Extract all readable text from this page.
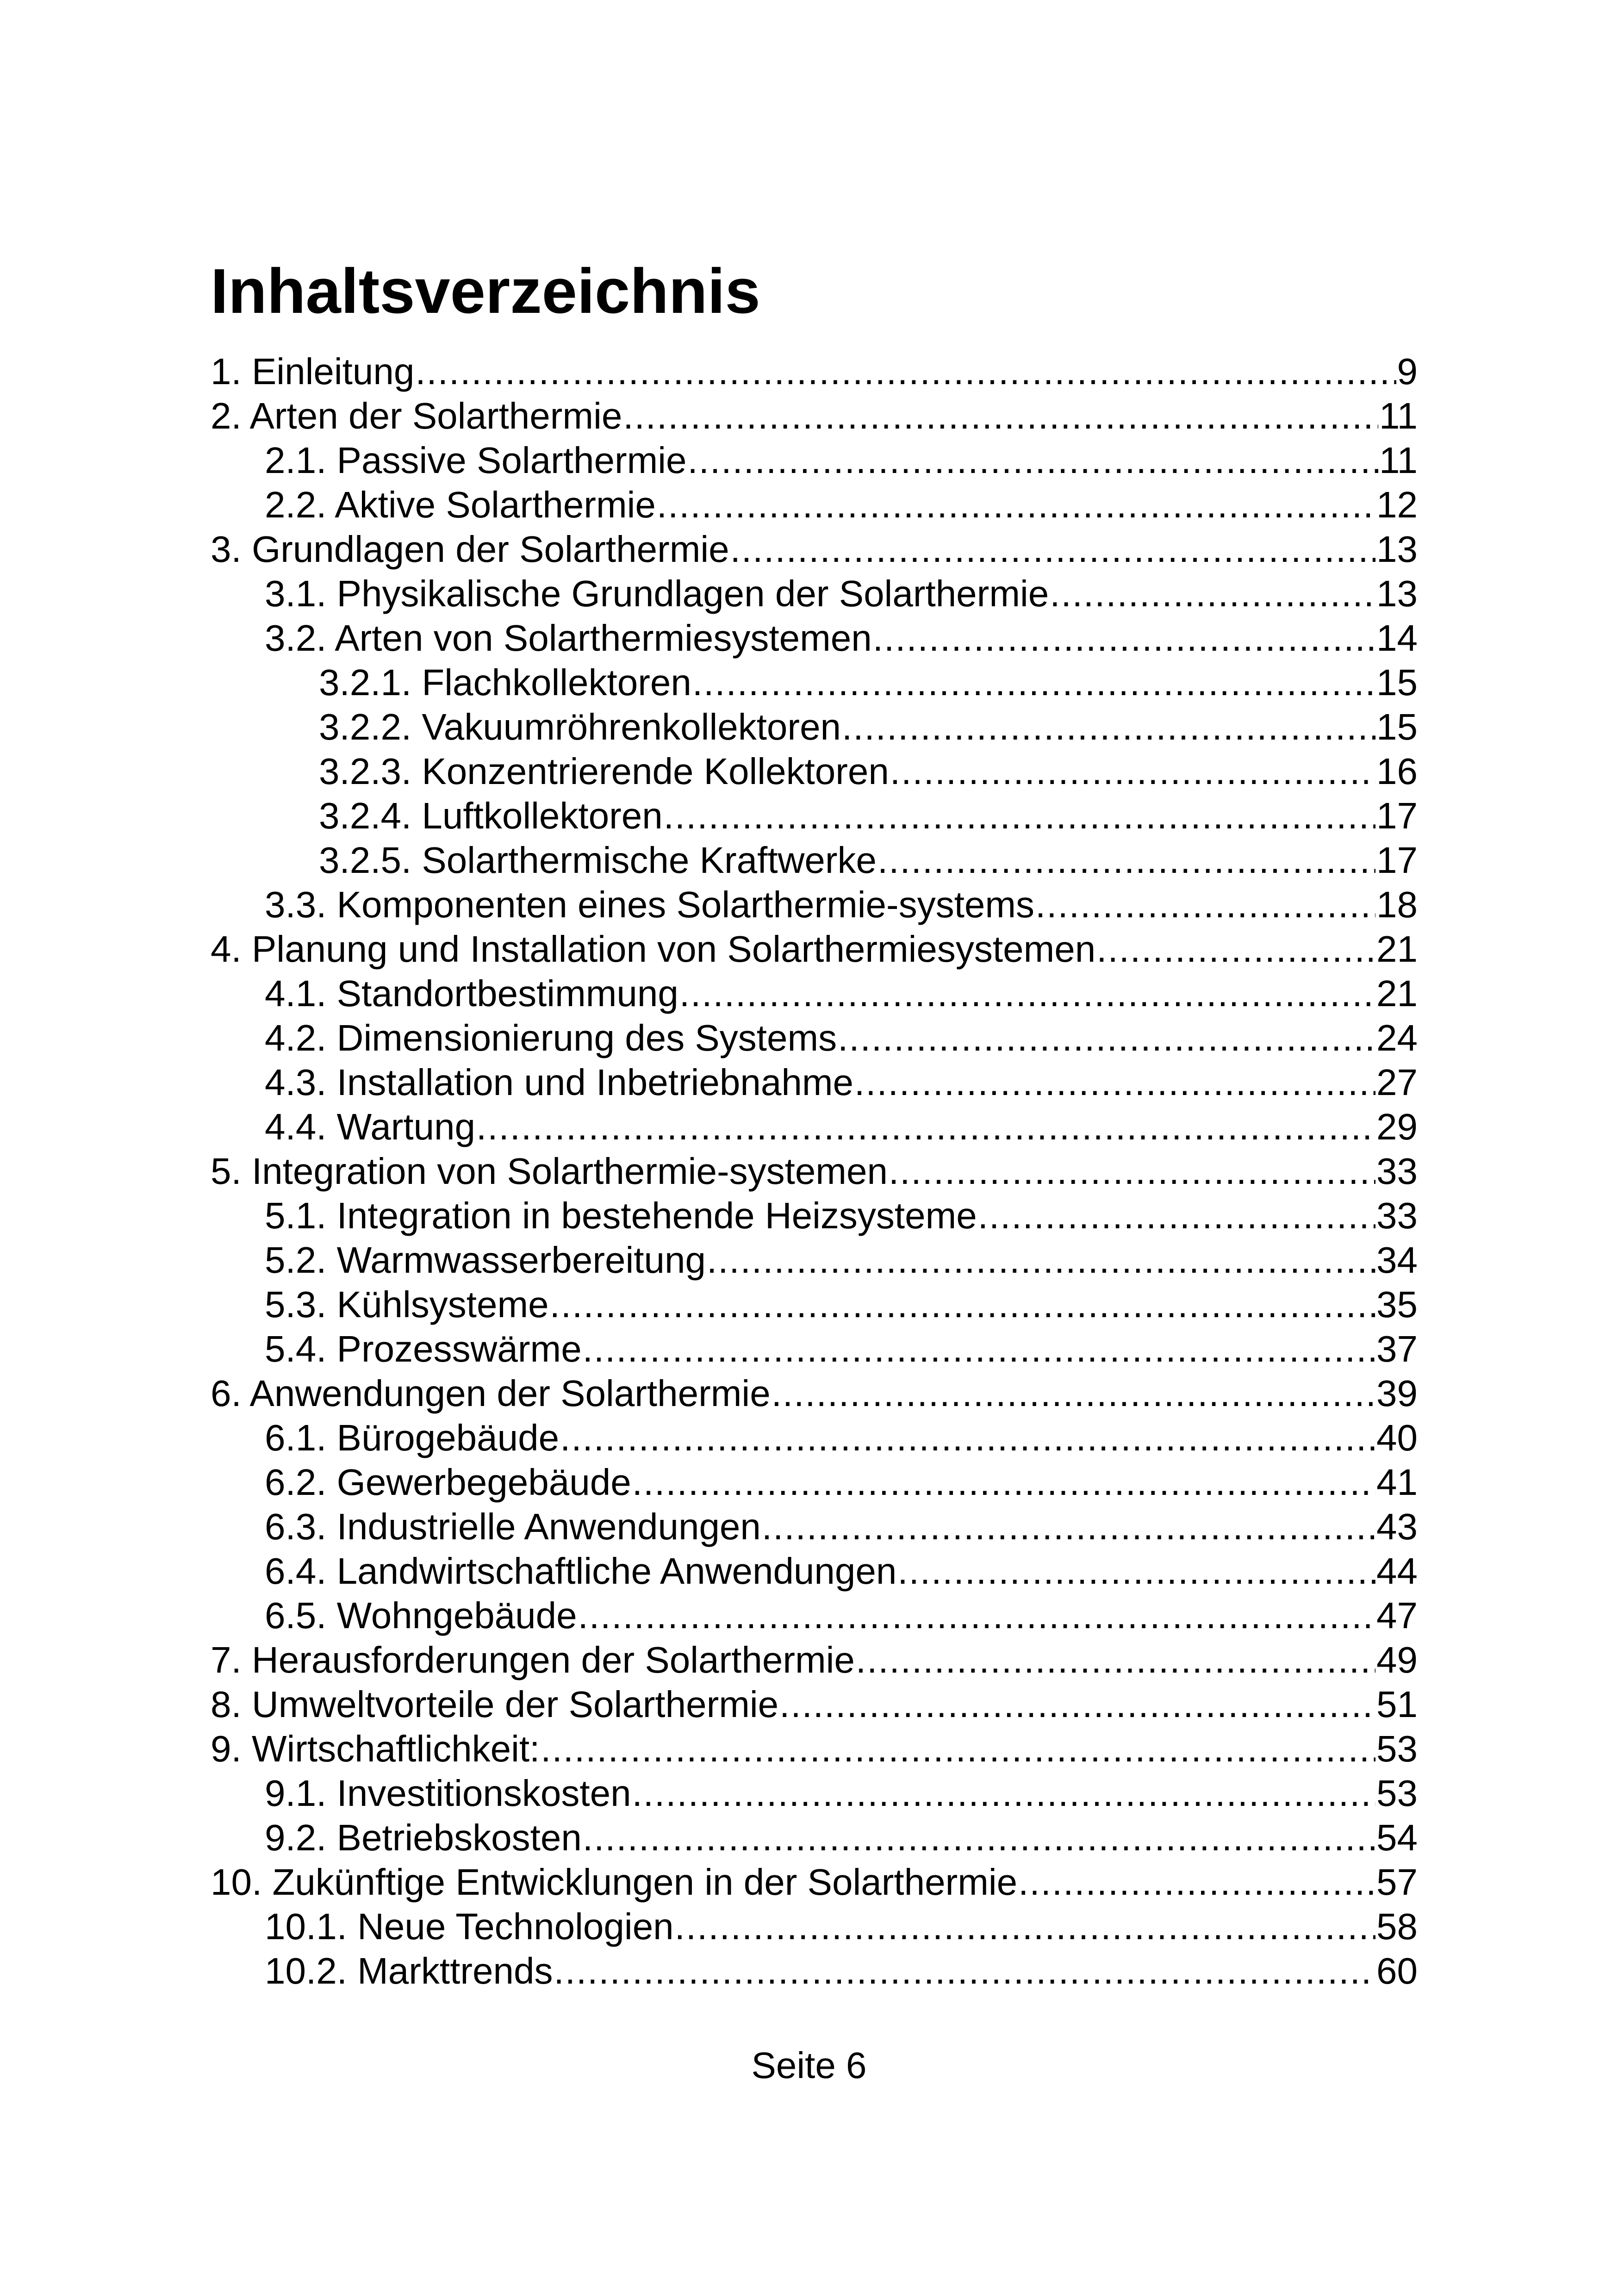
Inhaltsverzeichnis
1. Einleitung .....	9
2. Arten der Solarthermie .....	11
2.1. Passive Solarthermie .....	11
2.2. Aktive Solarthermie .....	12
3. Grundlagen der Solarthermie .....	13
3.1. Physikalische Grundlagen der Solarthermie .....	13
3.2. Arten von Solarthermiesystemen .....	14
3.2.1. Flachkollektoren .....	15
3.2.2. Vakuumröhrenkollektoren .....	15
3.2.3. Konzentrierende Kollektoren .....	16
3.2.4. Luftkollektoren .....	17
3.2.5. Solarthermische Kraftwerke .....	17
3.3. Komponenten eines Solarthermie-systems .....	18
4. Planung und Installation von Solarthermiesystemen .....	21
4.1. Standortbestimmung .....	21
4.2. Dimensionierung des Systems .....	24
4.3. Installation und Inbetriebnahme .....	27
4.4. Wartung .....	29
5. Integration von Solarthermie-systemen .....	33
5.1. Integration in bestehende Heizsysteme .....	33
5.2. Warmwasserbereitung .....	34
5.3. Kühlsysteme .....	35
5.4. Prozesswärme .....	37
6. Anwendungen der Solarthermie .....	39
6.1. Bürogebäude .....	40
6.2. Gewerbegebäude .....	41
6.3. Industrielle Anwendungen .....	43
6.4. Landwirtschaftliche Anwendungen .....	44
6.5. Wohngebäude .....	47
7. Herausforderungen der Solarthermie .....	49
8. Umweltvorteile der Solarthermie .....	51
9. Wirtschaftlichkeit: .....	53
9.1. Investitionskosten .....	53
9.2. Betriebskosten .....	54
10. Zukünftige Entwicklungen in der Solarthermie .....	57
10.1. Neue Technologien .....	58
10.2. Markttrends .....	60
Seite 6
